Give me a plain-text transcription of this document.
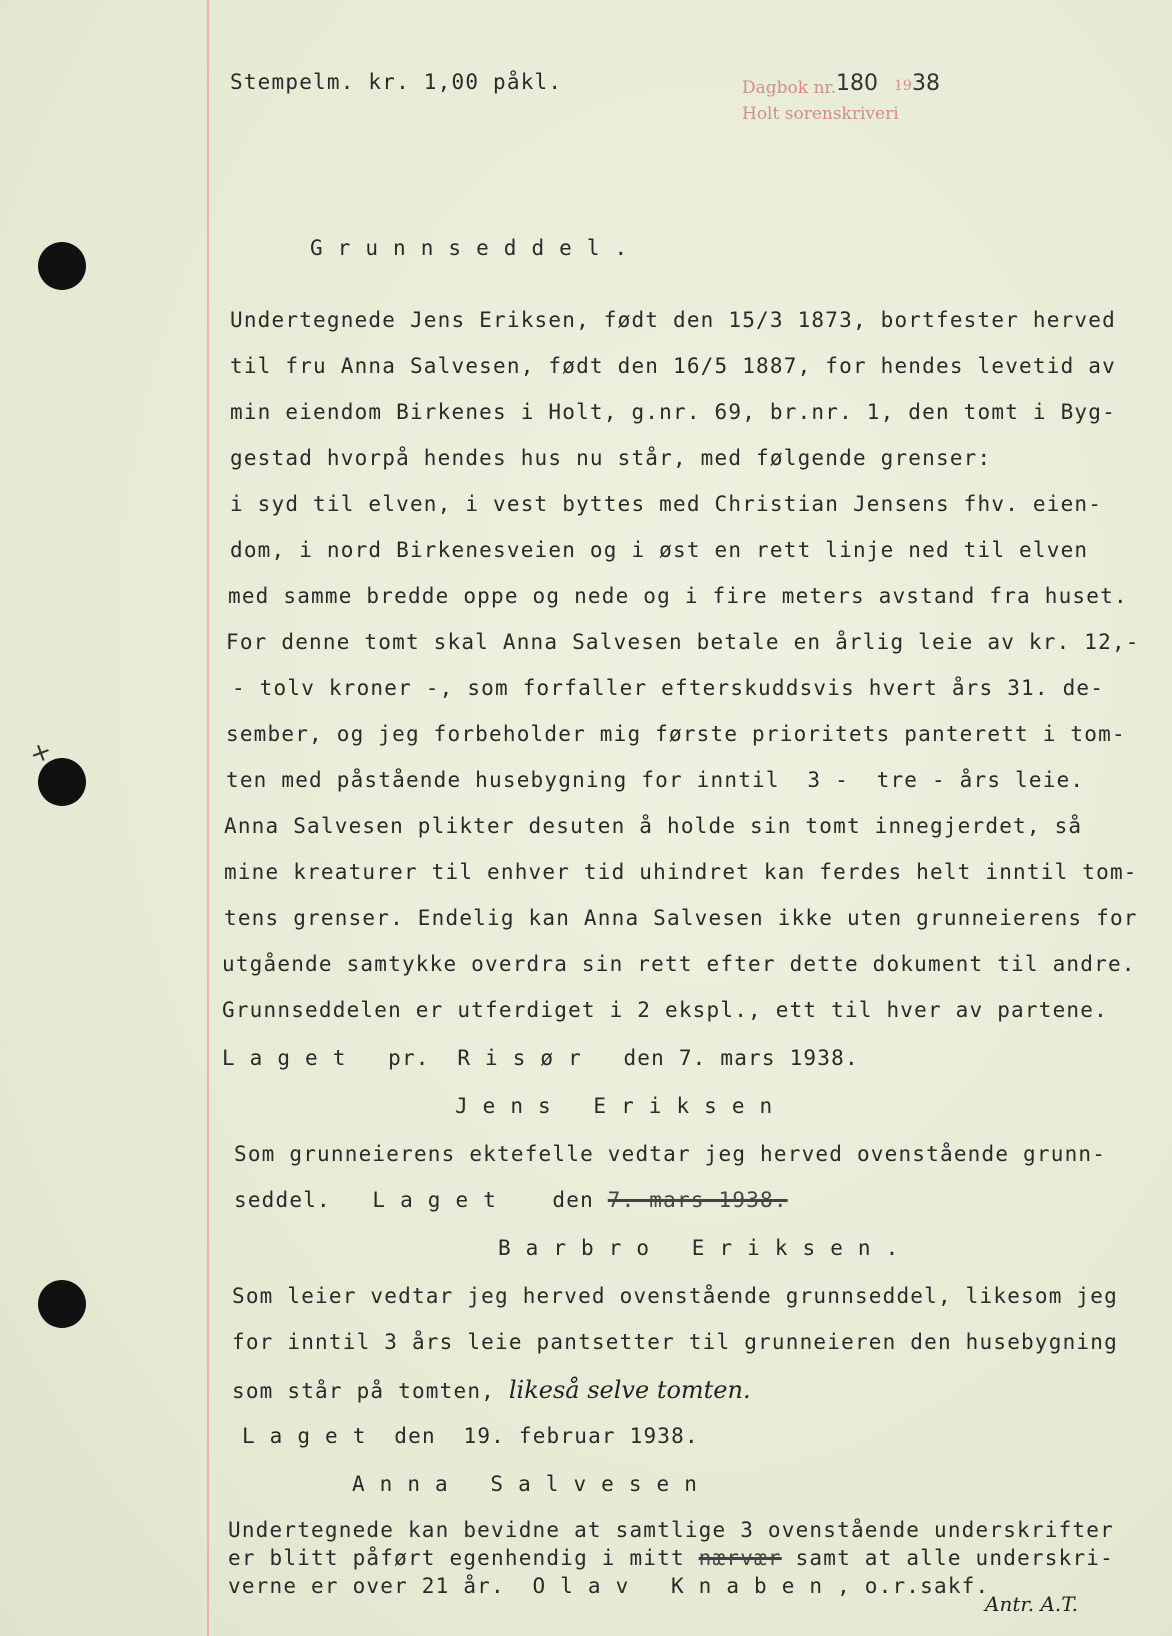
+
Stempelm. kr. 1,00 påkl.	Dagbok nr. 180 19 38
Holt sorenskriveri
G r u n n s e d d e l .
Undertegnede Jens Eriksen, født den 15/3 1873, bortfester herved
til fru Anna Salvesen, født den 16/5 1887, for hendes levetid av
min eiendom Birkenes i Holt, g.nr. 69, br.nr. 1, den tomt i Byg-
gestad hvorpå hendes hus nu står, med følgende grenser:
i syd til elven, i vest byttes med Christian Jensens fhv. eien-
dom, i nord Birkenesveien og i øst en rett linje ned til elven
med samme bredde oppe og nede og i fire meters avstand fra huset.
For denne tomt skal Anna Salvesen betale en årlig leie av kr. 12,-
- tolv kroner -, som forfaller efterskuddsvis hvert års 31. de-
sember, og jeg forbeholder mig første prioritets panterett i tom-
ten med påstående husebygning for inntil  3 -  tre - års leie.
Anna Salvesen plikter desuten å holde sin tomt innegjerdet, så
mine kreaturer til enhver tid uhindret kan ferdes helt inntil tom-
tens grenser. Endelig kan Anna Salvesen ikke uten grunneierens for
utgående samtykke overdra sin rett efter dette dokument til andre.
Grunnseddelen er utferdiget i 2 ekspl., ett til hver av partene.
L a g e t   pr.  R i s ø r   den 7. mars 1938.
J e n s   E r i k s e n
Som grunneierens ektefelle vedtar jeg herved ovenstående grunn-
seddel.   L a g e t    den 7. mars 1938.
B a r b r o   E r i k s e n .
Som leier vedtar jeg herved ovenstående grunnseddel, likesom jeg
for inntil 3 års leie pantsetter til grunneieren den husebygning
som står på tomten, likeså selve tomten.
L a g e t  den  19. februar 1938.
A n n a   S a l v e s e n
Undertegnede kan bevidne at samtlige 3 ovenstående underskrifter
er blitt påført egenhendig i mitt nærvær samt at alle underskri-
verne er over 21 år.  O l a v   K n a b e n , o.r.sakf.
Antr. A.T.
